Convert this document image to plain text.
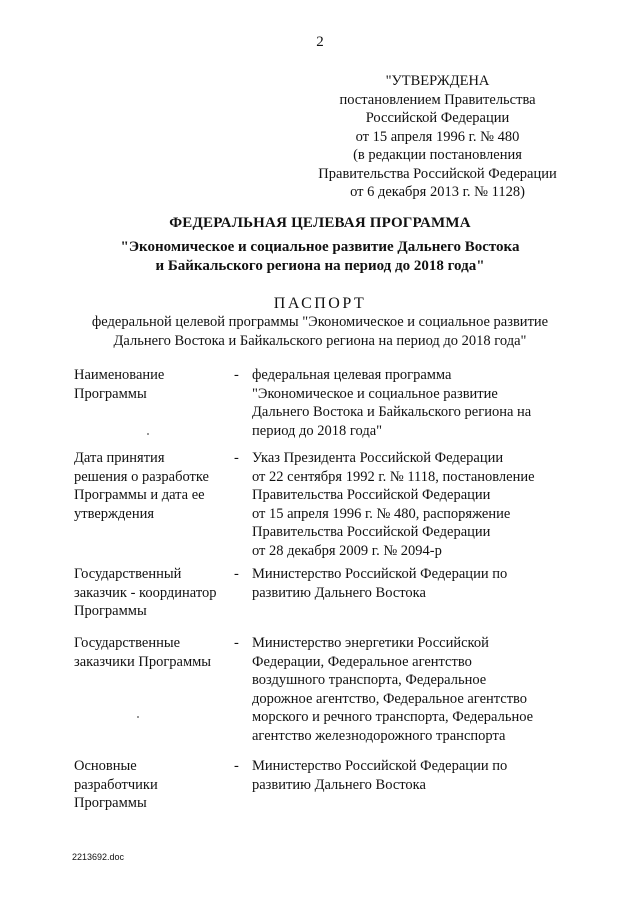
2
"УТВЕРЖДЕНА
постановлением Правительства
Российской Федерации
от 15 апреля 1996 г. № 480
(в редакции постановления
Правительства Российской Федерации
от 6 декабря 2013 г. № 1128)
ФЕДЕРАЛЬНАЯ ЦЕЛЕВАЯ ПРОГРАММА
"Экономическое и социальное развитие Дальнего Востока
и Байкальского региона на период до 2018 года"
ПАСПОРТ
федеральной целевой программы "Экономическое и социальное развитие
Дальнего Востока и Байкальского региона на период до 2018 года"
Наименование
Программы
- федеральная целевая программа
"Экономическое и социальное развитие
Дальнего Востока и Байкальского региона на
период до 2018 года"
Дата принятия
решения о разработке
Программы и дата ее
утверждения
- Указ Президента Российской Федерации
от 22 сентября 1992 г. № 1118, постановление
Правительства Российской Федерации
от 15 апреля 1996 г. № 480, распоряжение
Правительства Российской Федерации
от 28 декабря 2009 г. № 2094-р
Государственный
заказчик - координатор
Программы
- Министерство Российской Федерации по
развитию Дальнего Востока
Государственные
заказчики Программы
- Министерство энергетики Российской
Федерации, Федеральное агентство
воздушного транспорта, Федеральное
дорожное агентство, Федеральное агентство
морского и речного транспорта, Федеральное
агентство железнодорожного транспорта
Основные
разработчики
Программы
- Министерство Российской Федерации по
развитию Дальнего Востока
2213692.doc
